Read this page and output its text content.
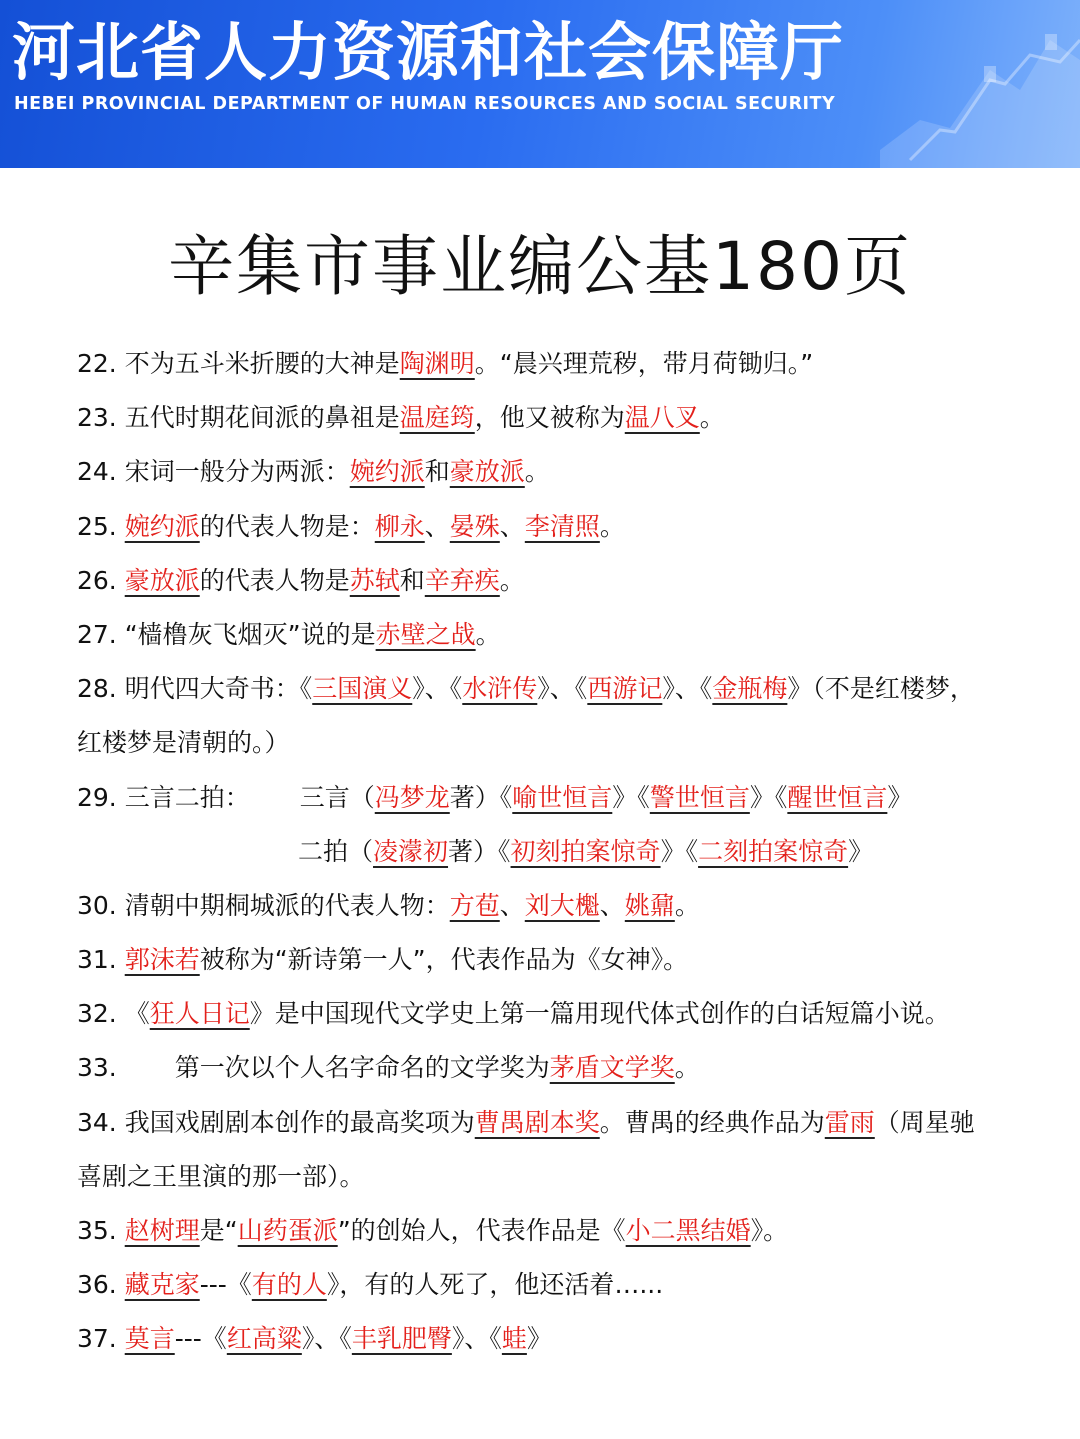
河北省人力资源和社会保障厅
HEBEI PROVINCIAL DEPARTMENT OF HUMAN RESOURCES AND SOCIAL SECURITY
辛集市事业编公基180页
22. 不为五斗米折腰的大神是陶渊明。“晨兴理荒秽，带月荷锄归。”
23. 五代时期花间派的鼻祖是温庭筠，他又被称为温八叉。
24. 宋词一般分为两派：婉约派和豪放派。
25. 婉约派的代表人物是：柳永、晏殊、李清照。
26. 豪放派的代表人物是苏轼和辛弃疾。
27. “樯橹灰飞烟灭”说的是赤壁之战。
28. 明代四大奇书：《三国演义》、《水浒传》、《西游记》、《金瓶梅》（不是红楼梦，
红楼梦是清朝的。）
29. 三言二拍： 三言（冯梦龙著）《喻世恒言》《警世恒言》《醒世恒言》
二拍（凌濛初著）《初刻拍案惊奇》《二刻拍案惊奇》
30. 清朝中期桐城派的代表人物：方苞、刘大櫆、姚鼐。
31. 郭沫若被称为“新诗第一人”，代表作品为《女神》。
32. 《狂人日记》是中国现代文学史上第一篇用现代体式创作的白话短篇小说。
33. 第一次以个人名字命名的文学奖为茅盾文学奖。
34. 我国戏剧剧本创作的最高奖项为曹禺剧本奖。曹禺的经典作品为雷雨（周星驰
喜剧之王里演的那一部）。
35. 赵树理是“山药蛋派”的创始人，代表作品是《小二黑结婚》。
36. 藏克家---《有的人》，有的人死了，他还活着…...
37. 莫言---《红高粱》、《丰乳肥臀》、《蛙》
